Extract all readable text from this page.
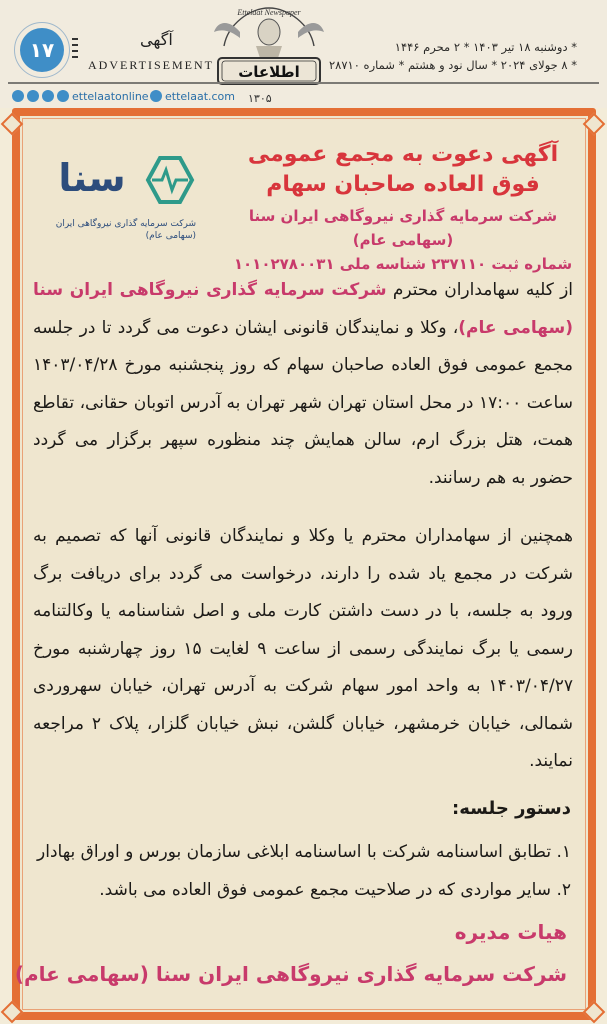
۱۷	آگهی
ADVERTISEMENT اطلاعات
Ettelaat Newspaper
۱۳۰۵
* دوشنبه ۱۸ تیر ۱۴۰۳ * ۲ محرم ۱۴۴۶
* ۸ جولای ۲۰۲۴ * سال نود و هشتم * شماره ۲۸۷۱۰
ettelaatonline	ettelaat.com
آگهی دعوت به مجمع عمومی
فوق العاده صاحبان سهام
شرکت سرمایه گذاری نیروگاهی ایران سنا (سهامی عام)
شماره ثبت ۲۳۷۱۱۰ شناسه ملی ۱۰۱۰۲۷۸۰۰۳۱
سنا
شرکت سرمایه گذاری نیروگاهی ایران (سهامی عام)
از کلیه سهامداران محترم شرکت سرمایه گذاری نیروگاهی ایران سنا (سهامی عام)، وکلا و نمایندگان قانونی ایشان دعوت می گردد تا در جلسه مجمع عمومی فوق العاده صاحبان سهام که روز پنجشنبه مورخ ۱۴۰۳/۰۴/۲۸ ساعت ۱۷:۰۰ در محل استان تهران شهر تهران به آدرس اتوبان حقانی، تقاطع همت، هتل بزرگ ارم، سالن همایش چند منظوره سپهر برگزار می گردد حضور به هم رسانند.
همچنین از سهامداران محترم یا وکلا و نمایندگان قانونی آنها که تصمیم به شرکت در مجمع یاد شده را دارند، درخواست می گردد برای دریافت برگ ورود به جلسه، با در دست داشتن کارت ملی و اصل شناسنامه یا وکالتنامه رسمی یا برگ نمایندگی رسمی از ساعت ۹ لغایت ۱۵ روز چهارشنبه مورخ ۱۴۰۳/۰۴/۲۷ به واحد امور سهام شرکت به آدرس تهران، خیابان سهروردی شمالی، خیابان خرمشهر، خیابان گلشن، نبش خیابان گلزار، پلاک ۲ مراجعه نمایند.
دستور جلسه:
۱. تطابق اساسنامه شرکت با اساسنامه ابلاغی سازمان بورس و اوراق بهادار
۲. سایر مواردی که در صلاحیت مجمع عمومی فوق العاده می باشد.
هیات مدیره
شرکت سرمایه گذاری نیروگاهی ایران سنا (سهامی عام)
